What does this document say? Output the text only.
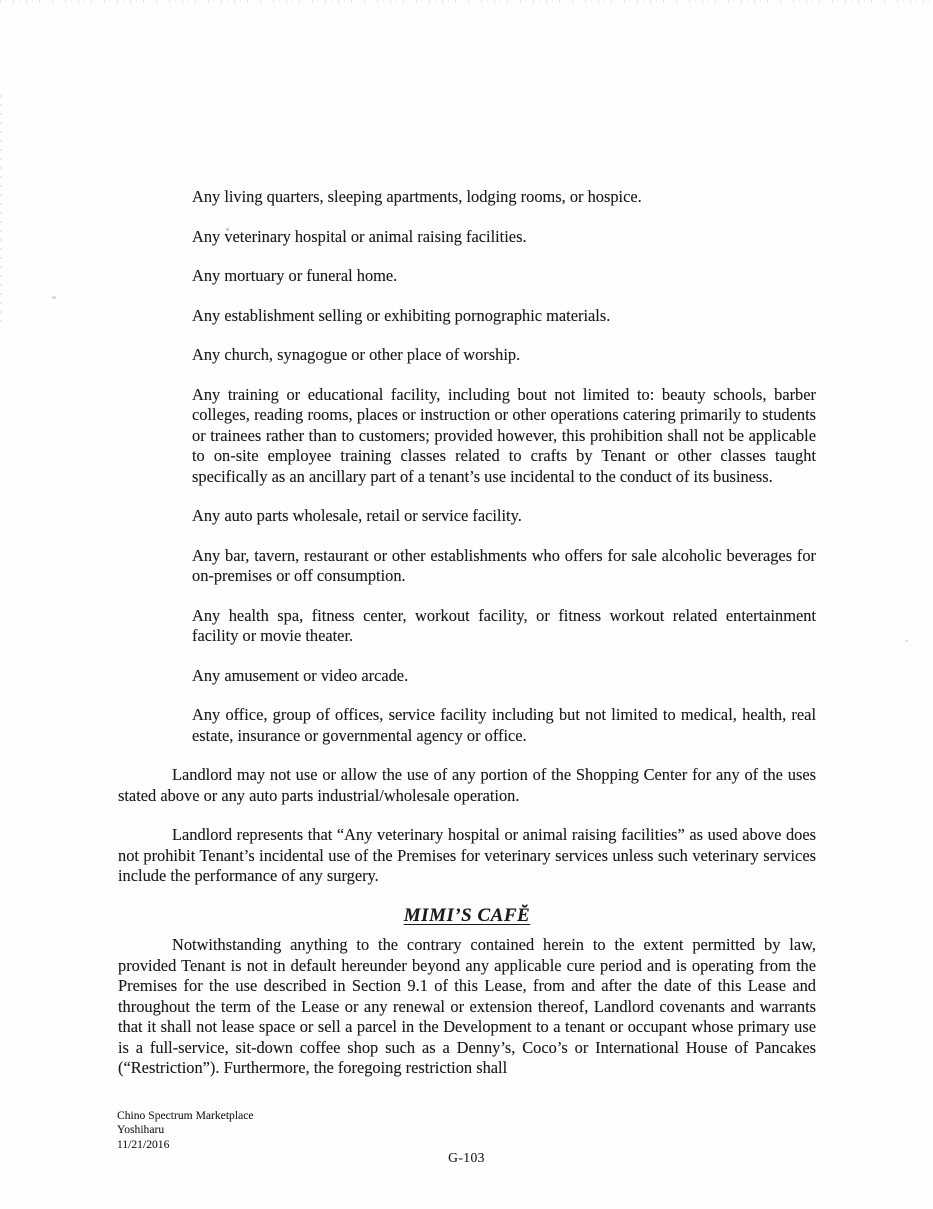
Any living quarters, sleeping apartments, lodging rooms, or hospice.
Any veterinary hospital or animal raising facilities.
Any mortuary or funeral home.
Any establishment selling or exhibiting pornographic materials.
Any church, synagogue or other place of worship.
Any training or educational facility, including bout not limited to: beauty schools, barber colleges, reading rooms, places or instruction or other operations catering primarily to students or trainees rather than to customers; provided however, this prohibition shall not be applicable to on-site employee training classes related to crafts by Tenant or other classes taught specifically as an ancillary part of a tenant’s use incidental to the conduct of its business.
Any auto parts wholesale, retail or service facility.
Any bar, tavern, restaurant or other establishments who offers for sale alcoholic beverages for on-premises or off consumption.
Any health spa, fitness center, workout facility, or fitness workout related entertainment facility or movie theater.
Any amusement or video arcade.
Any office, group of offices, service facility including but not limited to medical, health, real estate, insurance or governmental agency or office.

Landlord may not use or allow the use of any portion of the Shopping Center for any of the uses stated above or any auto parts industrial/wholesale operation.

Landlord represents that “Any veterinary hospital or animal raising facilities” as used above does not prohibit Tenant’s incidental use of the Premises for veterinary services unless such veterinary services include the performance of any surgery.

MIMI’S CAFĔ

Notwithstanding anything to the contrary contained herein to the extent permitted by law, provided Tenant is not in default hereunder beyond any applicable cure period and is operating from the Premises for the use described in Section 9.1 of this Lease, from and after the date of this Lease and throughout the term of the Lease or any renewal or extension thereof, Landlord covenants and warrants that it shall not lease space or sell a parcel in the Development to a tenant or occupant whose primary use is a full-service, sit-down coffee shop such as a Denny’s, Coco’s or International House of Pancakes (“Restriction”). Furthermore, the foregoing restriction shall

Chino Spectrum Marketplace
Yoshiharu
11/21/2016
G-103
